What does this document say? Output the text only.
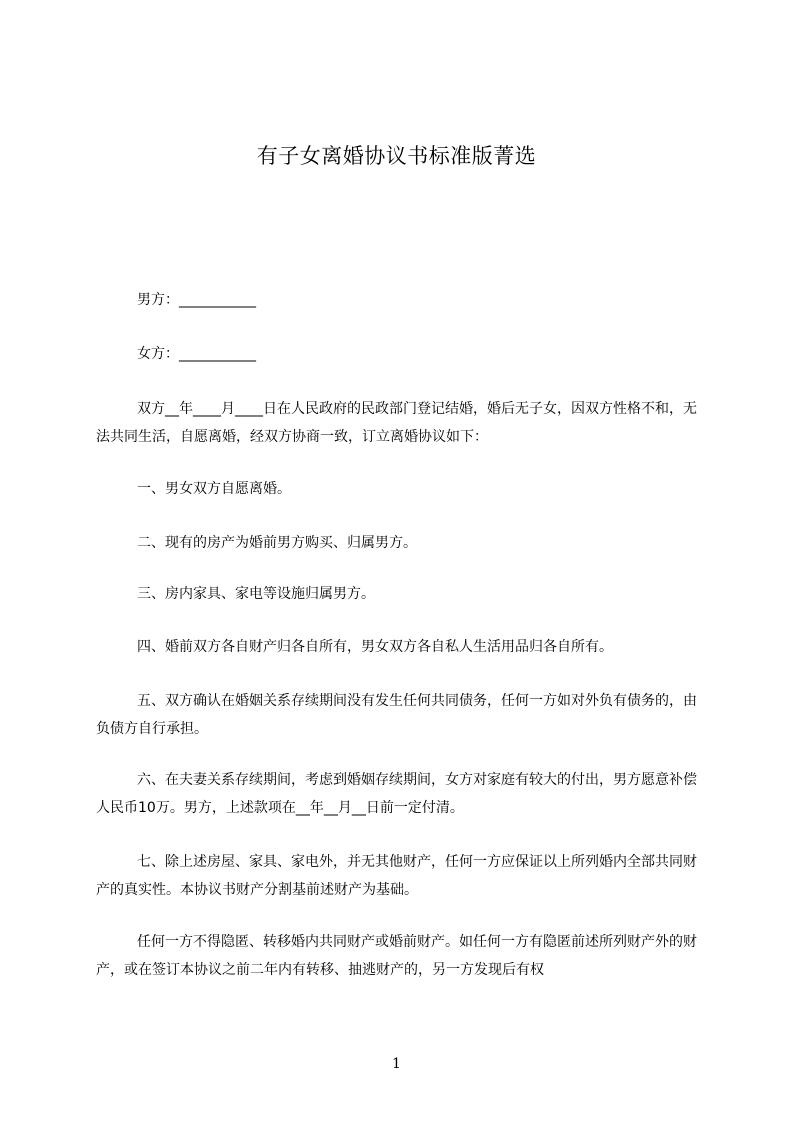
有子女离婚协议书标准版菁选
男方：___________
女方：___________
双方__年____月____日在人民政府的民政部门登记结婚，婚后无子女，因双方性格不和，无法共同生活，自愿离婚，经双方协商一致，订立离婚协议如下：
一、男女双方自愿离婚。
二、现有的房产为婚前男方购买、归属男方。
三、房内家具、家电等设施归属男方。
四、婚前双方各自财产归各自所有，男女双方各自私人生活用品归各自所有。
五、双方确认在婚姻关系存续期间没有发生任何共同债务，任何一方如对外负有债务的，由负债方自行承担。
六、在夫妻关系存续期间，考虑到婚姻存续期间，女方对家庭有较大的付出，男方愿意补偿人民币10万。男方，上述款项在__年__月__日前一定付清。
七、除上述房屋、家具、家电外，并无其他财产，任何一方应保证以上所列婚内全部共同财产的真实性。本协议书财产分割基前述财产为基础。
任何一方不得隐匿、转移婚内共同财产或婚前财产。如任何一方有隐匿前述所列财产外的财产，或在签订本协议之前二年内有转移、抽逃财产的，另一方发现后有权
1
